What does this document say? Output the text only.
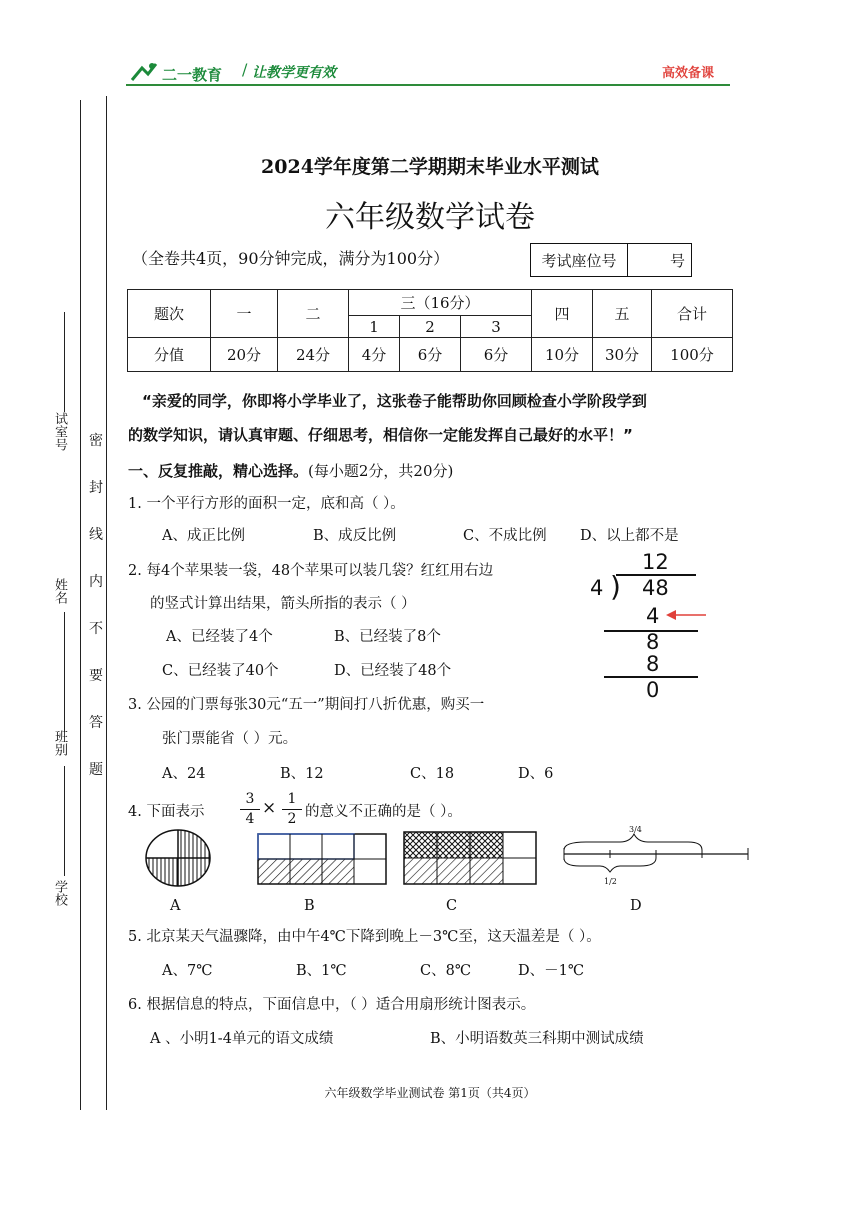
二一教育 / 让教学更有效	高效备课
试室号
姓名
班别
学校
密
封
线
内
不
要
答
题
2024学年度第二学期期末毕业水平测试
六年级数学试卷
（全卷共4页，90分钟完成，满分为100分）	考试座位号	号
题次	一	二	三（16分）			四	五	合计
			1	2	3			
分值	20分	24分	4分	6分	6分	10分	30分	100分
“亲爱的同学，你即将小学毕业了，这张卷子能帮助你回顾检查小学阶段学到
的数学知识，请认真审题、仔细思考，相信你一定能发挥自己最好的水平！”
一、反复推敲，精心选择。(每小题2分，共20分)
1. 一个平行方形的面积一定，底和高（ ）。
A、成正比例	B、成反比例	C、不成比例 D、以上都不是
2. 每4个苹果装一袋，48个苹果可以装几袋？红红用右边
的竖式计算出结果，箭头所指的表示（ ）
A、已经装了4个	B、已经装了8个
C、已经装了40个	D、已经装了48个
12
4 ) 48
4
8
8
0
3. 公园的门票每张30元“五一”期间打八折优惠，购买一
张门票能省（ ）元。
A、24	B、12	C、18	D、6
4. 下面表示	$\frac{3}{4} \times \frac{1}{2}$ 的意义不正确的是（ ）。
3/4
1/2
A	B	C	D
5. 北京某天气温骤降，由中午4℃下降到晚上－3℃至，这天温差是（ ）。
A、7℃	B、1℃	C、8℃	D、－1℃
6. 根据信息的特点，下面信息中，（ ）适合用扇形统计图表示。
A 、小明1-4单元的语文成绩	B、小明语数英三科期中测试成绩
六年级数学毕业测试卷 第1页（共4页）
